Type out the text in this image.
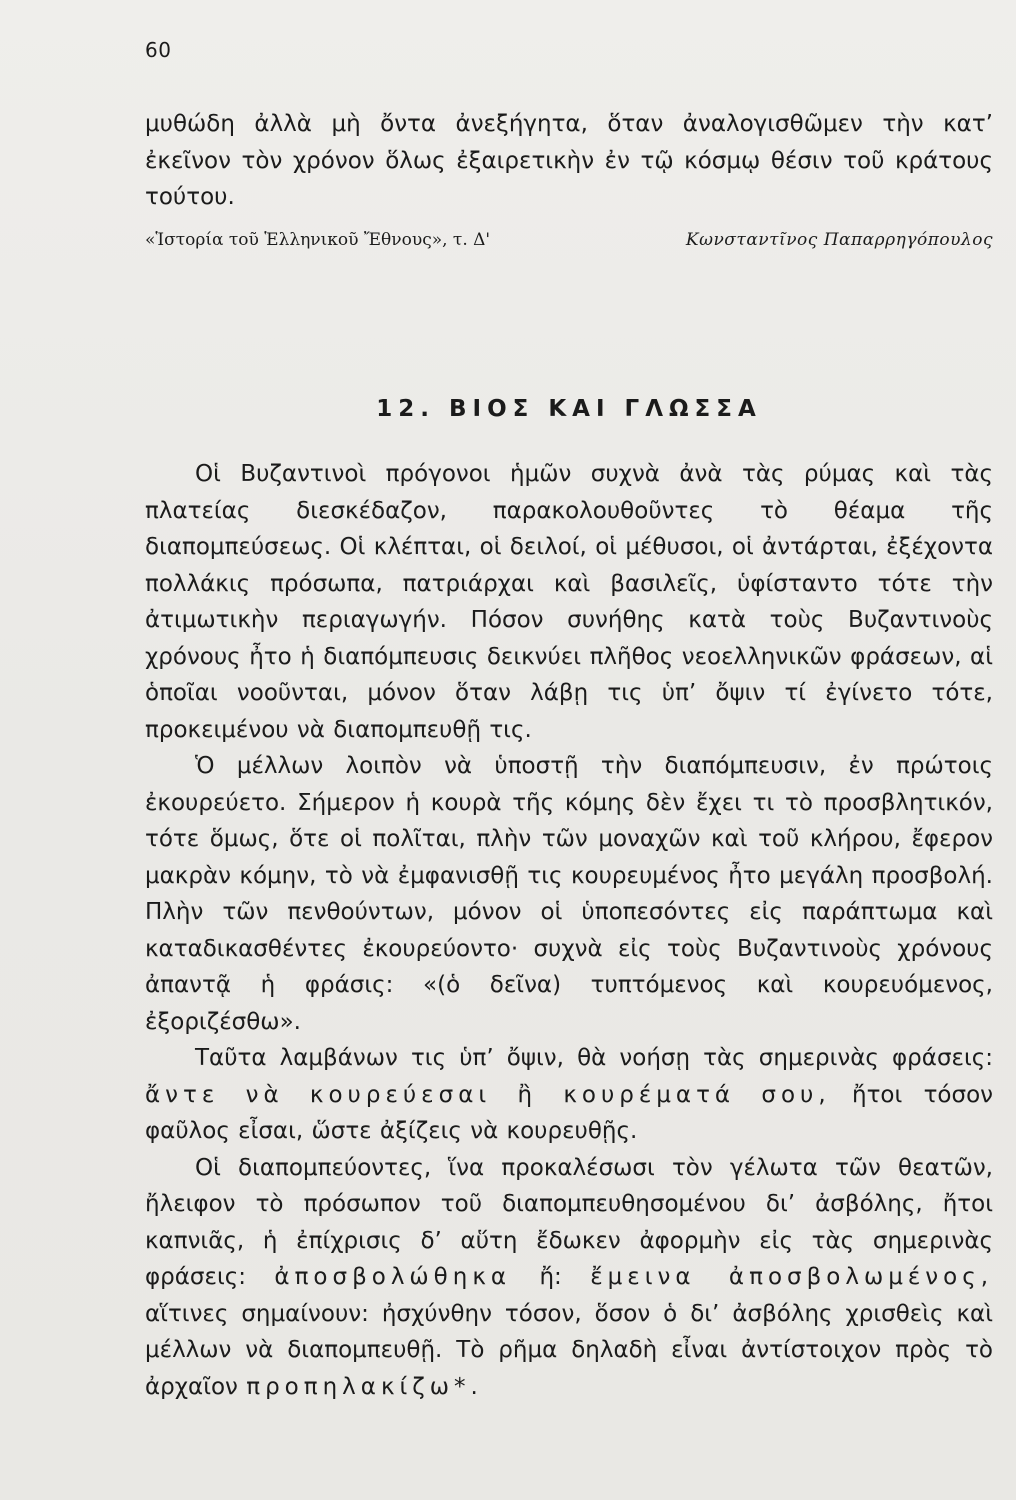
60

μυθώδη ἀλλὰ μὴ ὄντα ἀνεξήγητα, ὅταν ἀναλογισθῶμεν τὴν κατ’ ἐκεῖνον τὸν χρόνον ὅλως ἐξαιρετικὴν ἐν τῷ κόσμῳ θέσιν τοῦ κράτους τούτου.

«Ἱστορία τοῦ Ἑλληνικοῦ Ἔθνους», τ. Δ'	Κωνσταντῖνος Παπαρρηγόπουλος
12. ΒΙΟΣ ΚΑΙ ΓΛΩΣΣΑ

Οἱ Βυζαντινοὶ πρόγονοι ἡμῶν συχνὰ ἀνὰ τὰς ρύμας καὶ τὰς πλατείας διεσκέδαζον, παρακολουθοῦντες τὸ θέαμα τῆς διαπομπεύσεως. Οἱ κλέπται, οἱ δειλοί, οἱ μέθυσοι, οἱ ἀντάρται, ἐξέχοντα πολλάκις πρόσωπα, πατριάρχαι καὶ βασιλεῖς, ὑφίσταντο τότε τὴν ἀτιμωτικὴν περιαγωγήν. Πόσον συνήθης κατὰ τοὺς Βυζαντινοὺς χρόνους ἦτο ἡ διαπόμπευσις δεικνύει πλῆθος νεοελληνικῶν φράσεων, αἱ ὁποῖαι νοοῦνται, μόνον ὅταν λάβῃ τις ὑπ’ ὄψιν τί ἐγίνετο τότε, προκειμένου νὰ διαπομπευθῇ τις.

Ὁ μέλλων λοιπὸν νὰ ὑποστῇ τὴν διαπόμπευσιν, ἐν πρώτοις ἐκουρεύετο. Σήμερον ἡ κουρὰ τῆς κόμης δὲν ἔχει τι τὸ προσβλητικόν, τότε ὅμως, ὅτε οἱ πολῖται, πλὴν τῶν μοναχῶν καὶ τοῦ κλήρου, ἔφερον μακρὰν κόμην, τὸ νὰ ἐμφανισθῇ τις κουρευμένος ἦτο μεγάλη προσβολή. Πλὴν τῶν πενθούντων, μόνον οἱ ὑποπεσόντες εἰς παράπτωμα καὶ καταδικασθέντες ἐκουρεύοντο· συχνὰ εἰς τοὺς Βυζαντινοὺς χρόνους ἀπαντᾷ ἡ φράσις: «(ὁ δεῖνα) τυπτόμενος καὶ κουρευόμενος, ἐξοριζέσθω».

Ταῦτα λαμβάνων τις ὑπ’ ὄψιν, θὰ νοήσῃ τὰς σημερινὰς φράσεις: ἄντε νὰ κουρεύεσαι ἢ κουρέματά σου, ἤτοι τόσον φαῦλος εἶσαι, ὥστε ἀξίζεις νὰ κουρευθῇς.

Οἱ διαπομπεύοντες, ἵνα προκαλέσωσι τὸν γέλωτα τῶν θεατῶν, ἤλειφον τὸ πρόσωπον τοῦ διαπομπευθησομένου δι’ ἀσβόλης, ἤτοι καπνιᾶς, ἡ ἐπίχρισις δ’ αὕτη ἔδωκεν ἀφορμὴν εἰς τὰς σημερινὰς φράσεις: ἀποσβολώθηκα ἤ: ἔμεινα ἀποσβολωμένος, αἵτινες σημαίνουν: ἠσχύνθην τόσον, ὅσον ὁ δι’ ἀσβόλης χρισθεὶς καὶ μέλλων νὰ διαπομπευθῇ. Τὸ ρῆμα δηλαδὴ εἶναι ἀντίστοιχον πρὸς τὸ ἀρχαῖον προπηλακίζω*.
